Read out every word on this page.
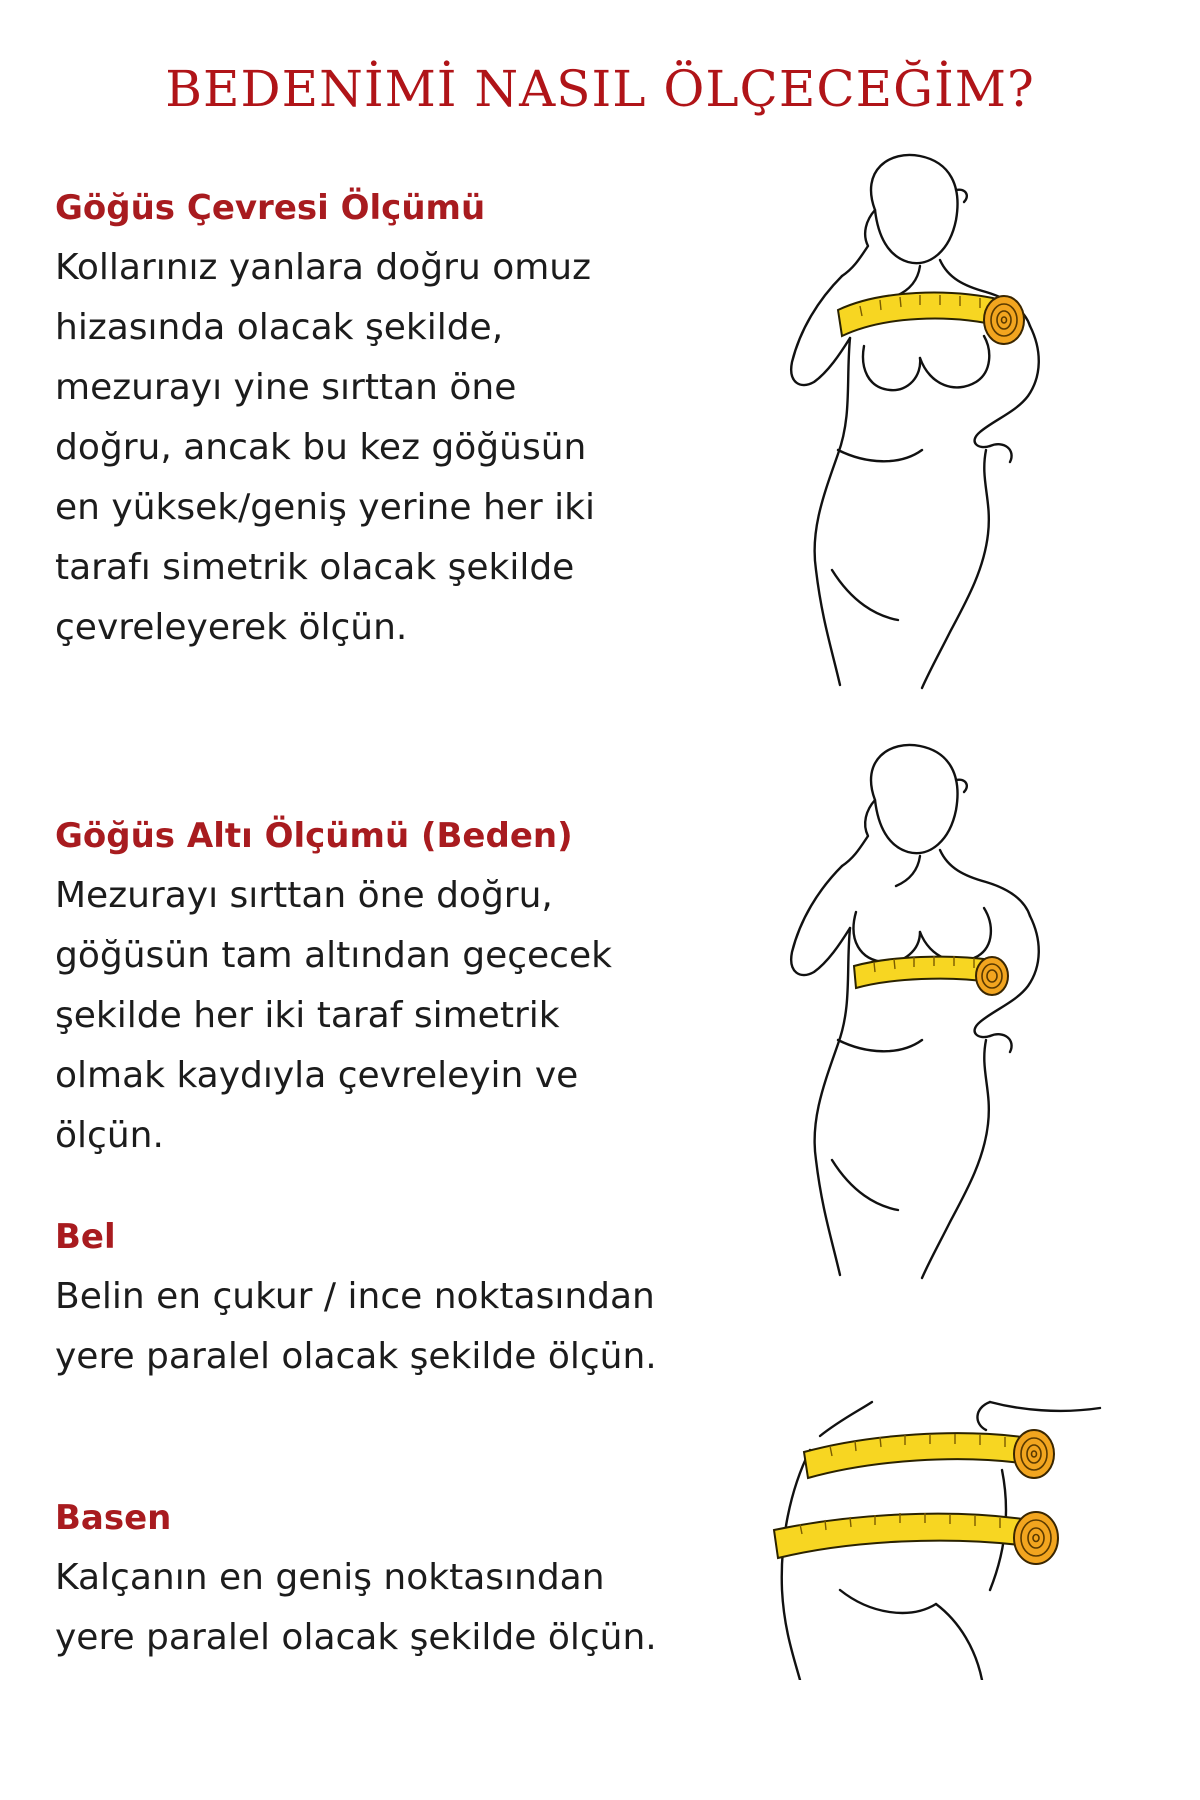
BEDENİMİ NASIL ÖLÇECEĞİM?
Göğüs Çevresi Ölçümü

Kollarınız yanlara doğru omuz hizasında olacak şekilde, mezurayı yine sırttan öne doğru, ancak bu kez göğüsün en yüksek/geniş yerine her iki tarafı simetrik olacak şekilde çevreleyerek ölçün.

Göğüs Altı Ölçümü (Beden)

Mezurayı sırttan öne doğru, göğüsün tam altından geçecek şekilde her iki taraf simetrik olmak kaydıyla çevreleyin ve ölçün.

Bel

Belin en çukur / ince noktasından yere paralel olacak şekilde ölçün.

Basen

Kalçanın en geniş noktasından yere paralel olacak şekilde ölçün.
